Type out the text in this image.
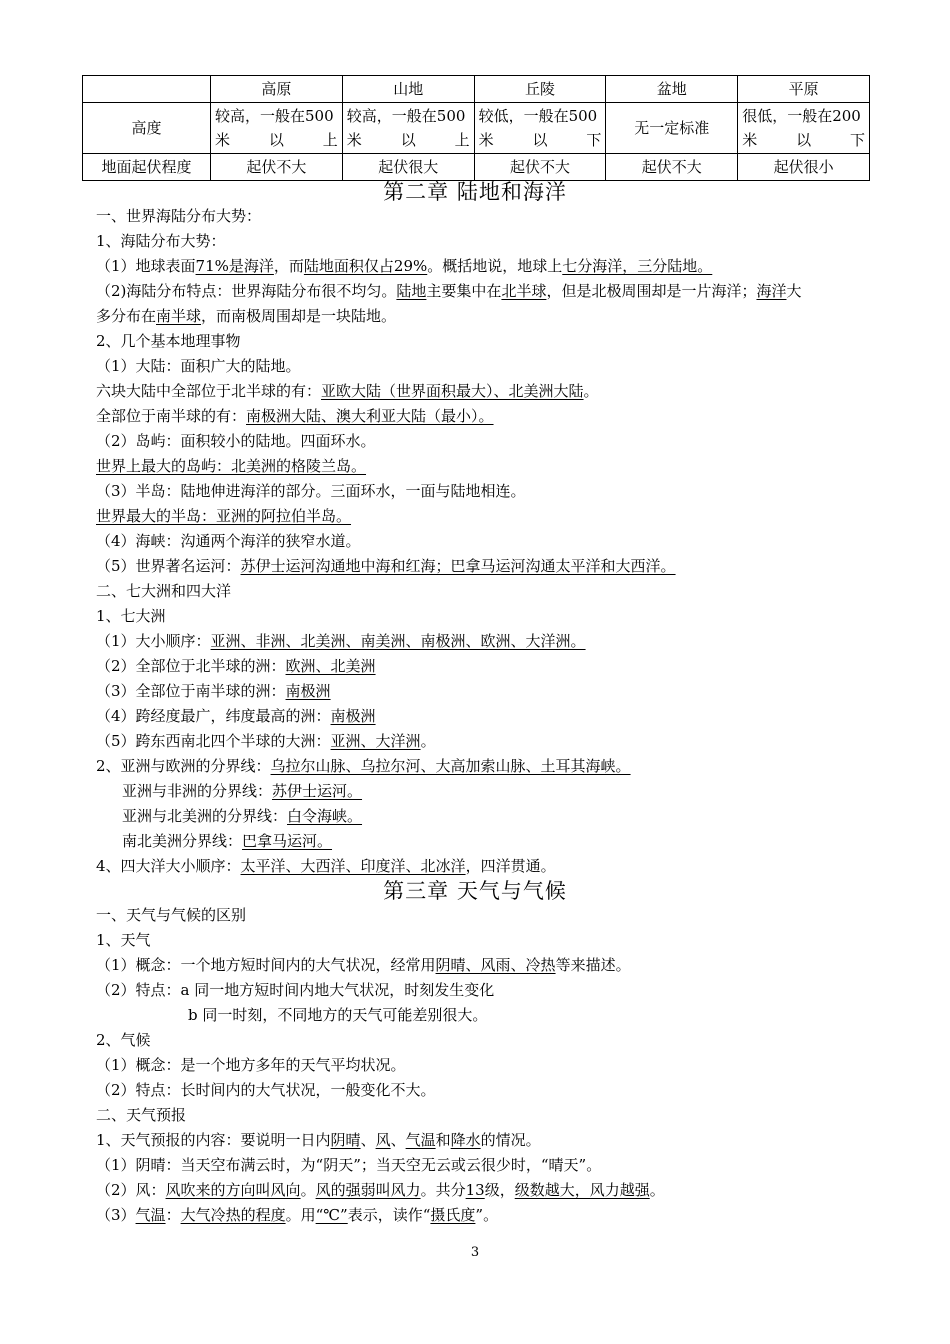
	高原	山地	丘陵	盆地	平原
高度	较高，一般在500米以上	较高，一般在500米以上	较低，一般在500米以下	无一定标准	很低，一般在200米以下
地面起伏程度	起伏不大	起伏很大	起伏不大	起伏不大	起伏很小
第二章 陆地和海洋
一、世界海陆分布大势：
1、海陆分布大势：
（1）地球表面71%是海洋，而陆地面积仅占29%。概括地说，地球上七分海洋，三分陆地。
（2)海陆分布特点：世界海陆分布很不均匀。陆地主要集中在北半球，但是北极周围却是一片海洋；海洋大
多分布在南半球，而南极周围却是一块陆地。
2、几个基本地理事物
（1）大陆：面积广大的陆地。
六块大陆中全部位于北半球的有：亚欧大陆（世界面积最大）、北美洲大陆。
全部位于南半球的有：南极洲大陆、澳大利亚大陆（最小）。
（2）岛屿：面积较小的陆地。四面环水。
世界上最大的岛屿：北美洲的格陵兰岛。
（3）半岛：陆地伸进海洋的部分。三面环水，一面与陆地相连。
世界最大的半岛：亚洲的阿拉伯半岛。
（4）海峡：沟通两个海洋的狭窄水道。
（5）世界著名运河：苏伊士运河沟通地中海和红海；巴拿马运河沟通太平洋和大西洋。
二、七大洲和四大洋
1、七大洲
（1）大小顺序：亚洲、非洲、北美洲、南美洲、南极洲、欧洲、大洋洲。
（2）全部位于北半球的洲：欧洲、北美洲
（3）全部位于南半球的洲：南极洲
（4）跨经度最广，纬度最高的洲：南极洲
（5）跨东西南北四个半球的大洲：亚洲、大洋洲。
2、亚洲与欧洲的分界线：乌拉尔山脉、乌拉尔河、大高加索山脉、土耳其海峡。
亚洲与非洲的分界线：苏伊士运河。
亚洲与北美洲的分界线：白令海峡。
南北美洲分界线：巴拿马运河。
4、四大洋大小顺序：太平洋、大西洋、印度洋、北冰洋，四洋贯通。
第三章 天气与气候
一、天气与气候的区别
1、天气
（1）概念：一个地方短时间内的大气状况，经常用阴晴、风雨、冷热等来描述。
（2）特点：a 同一地方短时间内地大气状况，时刻发生变化
b 同一时刻，不同地方的天气可能差别很大。
2、气候
（1）概念：是一个地方多年的天气平均状况。
（2）特点：长时间内的大气状况，一般变化不大。
二、天气预报
1、天气预报的内容：要说明一日内阴晴、风、气温和降水的情况。
（1）阴晴：当天空布满云时，为“阴天”；当天空无云或云很少时，“晴天”。
（2）风：风吹来的方向叫风向。风的强弱叫风力。共分13级，级数越大，风力越强。
（3）气温：大气冷热的程度。用“℃”表示，读作“摄氏度”。
3
